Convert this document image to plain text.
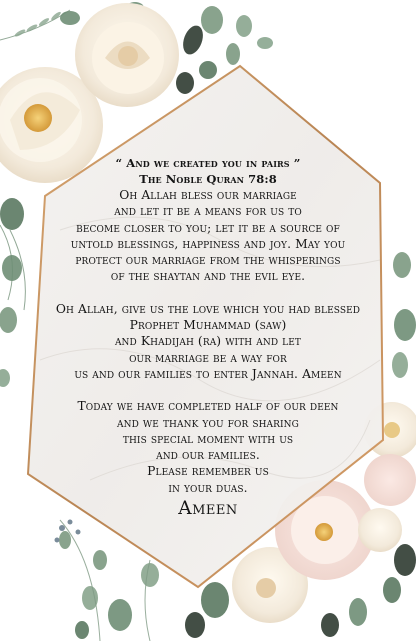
“ And we created you in pairs ”
The Noble Quran 78:8

Oh Allah bless our marriage
and let it be a means for us to
become closer to you; let it be a source of
untold blessings, happiness and joy. May you
protect our marriage from the whisperings
of the shaytan and the evil eye.

Oh Allah, give us the love which you had blessed
Prophet Muhammad (saw)
and Khadijah (ra) with and let
our marriage be a way for
us and our families to enter Jannah. Ameen

Today we have completed half of our deen
and we thank you for sharing
this special moment with us
and our families.
Please remember us
in your duas.

Ameen
